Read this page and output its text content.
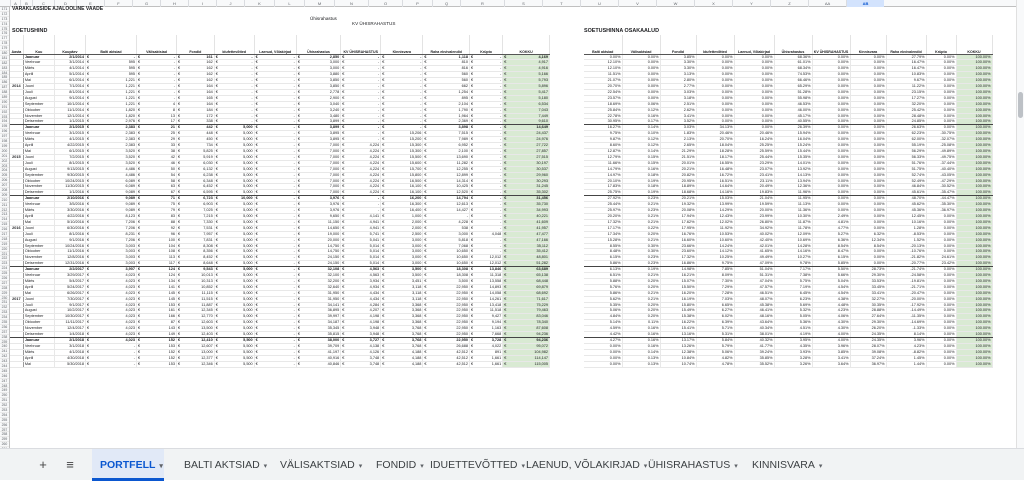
A	B	C	D	E	F	G	H	I	J	K	L	M	N	O	P	Q	R	S	T	U	V	W	X	Y	Z	AA	AB
171
172
173
174
175
176
177
178
179
180
181
182
183
184
185
186
187
188
189
190
191
192
193
194
195
196
197
198
199
200
201
202
203
204
205
206
207
208
209
210
211
212
213
214
215
216
217
218
219
220
221
222
223
224
225
226
227
228
229
230
231
232
233
234
235
236
237
238
239
240
241
242
243
244
245
246
247
248
249
250
251
252
253
254
255
256
257
258
259
260
VARAKLASSIDE AJALOOLINE VAADE
Ühisrahastus
KV ÜHISRAHASTUS
SOETUSHIND	SOETUSHINNA OSAKAALUD
Aasta	Kuu	Kuupäev	Balti aktsiad	Välisaktsiad	Fondid	Idufettevõtted	Laenud, Võlakirjad	Ühisrahastus	KV ÜHISRAHASTUS	Kinnisvara	Raha ekvivalendid	Krüpto	KOKKU
	Jaanuar	2/1/2014	€ -	€ -	€ 161	€ -	€ -	€ 2,850	€ -	€ -	€ 1,118	€ -	€ 4,169
	Veebruar	3/1/2014	€ 595	€ -	€ 162	€ -	€ -	€ 3,000	€ -	€ -	€ 810	€ -	€ 4,917
	Märts	4/1/2014	€ 595	€ -	€ 162	€ -	€ -	€ 3,000	€ -	€ -	€ 816	€ -	€ 4,916
	Aprill	5/1/2014	€ 595	€ -	€ 162	€ -	€ -	€ 3,880	€ -	€ -	€ 560	€ -	€ 5,166
	Mai	6/1/2014	€ 1,221	€ -	€ 162	€ -	€ -	€ 3,850	€ -	€ -	€ 560	€ -	€ 5,793
2014	Juuni	7/1/2014	€ 1,221	€ -	€ 164	€ -	€ -	€ 3,850	€ -	€ -	€ 662	€ -	€ 5,896
	Juuli	8/1/2014	€ 1,221	€ -	€ 164	€ -	€ -	€ 2,778	€ -	€ -	€ 1,254	€ -	€ 5,417
	August	9/1/2014	€ 1,221	€ -	€ 165	€ -	€ -	€ 2,900	€ -	€ -	€ 895	€ -	€ 5,180
	September	10/1/2014	€ 1,221	€ 4	€ 164	€ -	€ -	€ 3,040	€ -	€ -	€ 2,104	€ -	€ 6,534
	Oktoober	11/1/2014	€ 1,820	€ 8	€ 184	€ -	€ -	€ 3,240	€ -	€ -	€ 1,790	€ -	€ 7,043
	November	12/1/2014	€ 1,820	€ 13	€ 172	€ -	€ -	€ 3,480	€ -	€ -	€ 1,964	€ -	€ 7,449
	Detsember	1/1/2015	€ 2,976	€ 17	€ 338	€ -	€ -	€ 3,899	€ -	€ -	€ 2,369	€ -	€ 9,610
	Jaanuar	2/1/2015	€ 2,383	€ 21	€ 442	€ 5,000	€ -	€ 3,899	€ -	€ -	€ 3,898	€ -	€ 14,649
	Veebruar	3/1/2015	€ 2,383	€ 25	€ 448	€ 5,000	€ -	€ 3,895	€ -	€ 15,206	€ 7,515	€ -	€ 24,437
	Märts	4/1/2015	€ 2,383	€ 29	€ 450	€ 5,000	€ -	€ 3,895	€ -	€ 15,200	€ 7,989	€ -	€ 24,976
	Aprill	4/22/2015	€ 2,383	€ 33	€ 734	€ 5,000	€ -	€ 7,000	€ 4,224	€ 15,300	€ 6,952	€ -	€ 27,722
	Mai	6/1/2015	€ 3,520	€ 38	€ 5,825	€ 5,000	€ -	€ 7,000	€ 4,224	€ 15,300	€ 2,100	€ -	€ 27,857
2015	Juuni	7/2/2015	€ 3,520	€ 42	€ 5,919	€ 5,000	€ -	€ 7,000	€ 4,224	€ 15,500	€ 13,690	€ -	€ 27,515
	Juuli	8/1/2015	€ 3,520	€ 46	€ 6,030	€ 5,000	€ -	€ 7,000	€ 4,224	€ 15,600	€ 11,282	€ -	€ 30,197
	August	9/13/2015	€ 4,486	€ 50	€ 6,132	€ 5,000	€ -	€ 7,000	€ 4,224	€ 15,700	€ 12,255	€ -	€ 30,537
	September	9/30/2015	€ 4,486	€ 54	€ 6,238	€ 5,000	€ -	€ 7,000	€ 4,224	€ 15,800	€ 12,899	€ -	€ 29,960
	Oktoober	10/24/2015	€ 6,089	€ 58	€ 6,348	€ 5,000	€ -	€ 7,000	€ 4,224	€ 16,500	€ 14,314	€ -	€ 30,293
	November	11/30/2015	€ 6,089	€ 63	€ 6,452	€ 5,000	€ -	€ 7,000	€ 4,224	€ 16,100	€ 10,425	€ -	€ 31,245
	Detsember	1/1/2016	€ 9,089	€ 67	€ 6,595	€ 5,000	€ -	€ 7,000	€ 4,224	€ 16,100	€ 12,520	€ -	€ 35,302
	Jaanuar	2/10/2016	€ 9,089	€ 71	€ 6,723	€ 10,000	€ -	€ 3,976	€ -	€ 16,200	€ 14,794	€ -	€ 31,456
	Veebruar	3/5/2016	€ 9,089	€ 75	€ 6,903	€ 5,000	€ -	€ 3,976	€ -	€ 16,300	€ 12,613	€ -	€ 35,730
	Märts	3/30/2016	€ 9,089	€ 79	€ 7,025	€ 5,000	€ -	€ 3,976	€ -	€ 16,400	€ 14,427	€ -	€ 34,993
	Aprill	4/22/2016	€ 8,123	€ 83	€ 7,215	€ 5,000	€ -	€ 9,650	€ 4,141	€ 1,000	€ -	€ -	€ 40,221
	Mai	5/10/2016	€ 7,206	€ 88	€ 7,330	€ 5,000	€ -	€ 11,150	€ 4,941	€ 2,000	€ 4,228	€ -	€ 41,609
2016	Juuni	6/30/2016	€ 7,206	€ 92	€ 7,531	€ 5,000	€ -	€ 14,650	€ 4,941	€ 2,000	€ 538	€ -	€ 41,957
	Juuli	8/1/2016	€ 8,231	€ 96	€ 7,957	€ 5,000	€ -	€ 19,000	€ 5,741	€ 2,500	€ 3,000	€ 4,048	€ 47,477
	August	9/1/2016	€ 7,206	€ 100	€ 7,831	€ 5,000	€ -	€ 20,000	€ 5,041	€ 3,000	€ 5,818	€ -	€ 47,166
	September	10/24/2016	€ 3,003	€ 104	€ 8,308	€ 5,000	€ -	€ 14,750	€ 5,014	€ 3,000	€ 7,068	€ -	€ 35,112
	Oktoober	11/1/2016	€ 3,003	€ 108	€ 8,356	€ 5,000	€ -	€ 14,750	€ 5,014	€ 3,000	€ 10,650	€ -	€ 35,412
	November	12/8/2016	€ 3,003	€ 113	€ 8,452	€ 5,000	€ -	€ 24,150	€ 5,014	€ 3,000	€ 10,650	€ 12,012	€ 48,801
	Detsember	12/31/2016	€ 3,003	€ 117	€ 8,648	€ 5,000	€ -	€ 24,150	€ 5,014	€ 3,000	€ 10,650	€ 12,012	€ 51,282
	Jaanuar	2/2/2017	€ 3,907	€ 124	€ 9,543	€ 5,000	€ -	€ 32,108	€ 4,563	€ 3,500	€ 18,308	€ 13,846	€ 63,689
	Veebruar	3/29/2017	€ 4,023	€ 124	€ 10,013	€ 5,000	€ -	€ 32,100	€ 4,563	€ 3,500	€ 18,308	€ 11,318	€ 65,138
	Märts	5/4/2017	€ 4,023	€ 134	€ 10,313	€ 5,000	€ -	€ 32,200	€ 3,934	€ 3,451	€ 3,500	€ 13,558	€ 68,448
	Aprill	5/24/2017	€ 4,023	€ 141	€ 10,852	€ 5,000	€ -	€ 32,640	€ 4,934	€ 3,118	€ 22,950	€ 14,893	€ 69,879
	Mai	6/26/2017	€ 4,023	€ 145	€ 11,115	€ 5,000	€ -	€ 31,950	€ 4,434	€ 3,118	€ 22,950	€ 14,058	€ 68,692
2017	Juuni	7/30/2017	€ 4,023	€ 145	€ 11,515	€ 5,000	€ -	€ 31,950	€ 4,434	€ 3,118	€ 22,950	€ 14,261	€ 71,617
	Juuli	9/1/2017	€ 4,023	€ 153	€ 11,887	€ 5,000	€ -	€ 34,141	€ 4,284	€ 3,368	€ 22,950	€ 13,418	€ 75,229
	August	10/2/2017	€ 4,023	€ 161	€ 12,345	€ 5,000	€ -	€ 36,895	€ 4,207	€ 3,368	€ 22,950	€ 11,518	€ 79,463
	September	10/30/2017	€ 4,023	€ 166	€ 12,770	€ 5,000	€ -	€ 39,997	€ 4,198	€ 3,368	€ 22,950	€ 9,427	€ 83,046
	Oktoober	11/11/2017	€ 4,023	€ 87	€ 12,603	€ 5,000	€ -	€ 34,187	€ 4,198	€ 3,368	€ 22,950	€ 9,194	€ 78,340
	November	12/4/2017	€ 4,023	€ 143	€ 13,500	€ 5,000	€ -	€ 35,345	€ 3,948	€ 3,768	€ 22,950	€ 1,163	€ 87,608
	Detsember	1/4/2018	€ 4,023	€ 149	€ 12,403	€ 5,000	€ -	€ 35,815	€ 3,948	€ 3,768	€ 22,950	€ 7,668	€ 94,236
	Jaanuar	2/1/2018	€ 4,023	€ 152	€ 12,410	€ 5,500	€ -	€ 38,000	€ 3,727	€ 3,768	€ 22,950	€ 3,728	€ 94,236
	Veebruar	3/1/2018	€ -	€ 153	€ 12,607	€ 5,500	€ -	€ 39,709	€ 4,138	€ 3,768	€ 26,688	€ 4,022	€ 95,072
	Märts	4/1/2018	€ -	€ 152	€ 13,000	€ 5,500	€ -	€ 41,197	€ 4,126	€ 4,188	€ 42,512	€ 891	€ 104,982
	Aprill	4/30/2018	€ -	€ 152	€ 12,377	€ 5,500	€ -	€ 40,916	€ 3,748	€ 4,188	€ 42,512	€ 1,661	€ 114,147
	Mai	5/30/2018	€ -	€ 153	€ 12,346	€ 5,500	€ -	€ 40,846	€ 3,748	€ 4,188	€ 42,512	€ 1,661	€ 115,005
Balti aktsiad	Välisaktsiad	Fondid	Idufettevõtted	Laenud, Võlakirjad	Ühisrahastus	KV ÜHISRAHASTUS	Kinnisvara	Raha ekvivalendid	Krüpto	KOKKU
0.00%	0.00%	3.85%	0.00%	0.00%	68.36%	0.00%	0.00%	27.79%	0.00%	100.00%
12.10%	0.00%	3.30%	0.00%	0.00%	61.01%	0.00%	0.00%	16.47%	0.00%	100.00%
12.10%	0.00%	3.30%	0.00%	0.00%	68.34%	0.00%	0.00%	16.47%	0.00%	100.00%
11.51%	0.00%	3.13%	0.00%	0.00%	74.53%	0.00%	0.00%	10.83%	0.00%	100.00%
21.07%	0.00%	2.80%	0.00%	0.00%	66.46%	0.00%	0.00%	9.67%	0.00%	100.00%
20.70%	0.00%	2.77%	0.00%	0.00%	65.29%	0.00%	0.00%	11.22%	0.00%	100.00%
22.54%	0.00%	3.03%	0.00%	0.00%	51.28%	0.00%	0.00%	23.15%	0.00%	100.00%
23.57%	0.00%	3.18%	0.00%	0.00%	55.98%	0.00%	0.00%	17.27%	0.00%	100.00%
18.69%	0.06%	2.51%	0.00%	0.00%	46.53%	0.00%	0.00%	32.20%	0.00%	100.00%
25.84%	0.12%	2.62%	0.00%	0.00%	46.00%	0.00%	0.00%	25.42%	0.00%	100.00%
22.78%	0.16%	3.41%	0.00%	0.00%	45.17%	0.00%	0.00%	28.48%	0.00%	100.00%
30.95%	0.17%	3.52%	0.00%	0.00%	40.55%	0.00%	0.00%	24.85%	0.00%	100.00%
16.27%	0.14%	3.03%	34.13%	0.00%	26.39%	0.00%	0.00%	26.63%	0.00%	100.00%
9.75%	0.10%	1.83%	20.46%	20.46%	15.94%	0.00%	0.00%	62.23%	-30.75%	100.00%
9.87%	0.12%	2.13%	20.70%	16.24%	16.04%	0.00%	0.00%	62.00%	-32.07%	100.00%
8.60%	0.12%	2.65%	18.04%	25.25%	15.24%	0.00%	0.00%	55.19%	-25.08%	100.00%
12.87%	0.14%	21.29%	18.28%	25.59%	15.44%	0.00%	0.00%	56.29%	-49.89%	100.00%
12.79%	0.15%	21.51%	18.17%	25.44%	15.35%	0.00%	0.00%	56.33%	-49.75%	100.00%
11.66%	0.15%	20.01%	16.55%	23.29%	14.01%	0.00%	0.00%	51.76%	-37.44%	100.00%
14.79%	0.16%	20.21%	16.48%	23.07%	13.92%	0.00%	0.00%	51.75%	-40.40%	100.00%
14.97%	0.18%	20.82%	16.72%	23.41%	14.13%	0.00%	0.00%	52.74%	-43.05%	100.00%
20.10%	0.19%	20.95%	16.51%	23.11%	13.94%	0.00%	0.00%	52.49%	-47.29%	100.00%
17.83%	0.18%	18.89%	14.64%	20.49%	12.36%	0.00%	0.00%	46.84%	-30.52%	100.00%
25.75%	0.19%	18.68%	14.16%	19.83%	11.96%	0.00%	0.00%	45.61%	-35.47%	100.00%
27.92%	0.23%	20.21%	15.03%	21.04%	11.95%	0.00%	0.00%	48.70%	-44.47%	100.00%
25.44%	0.21%	19.32%	13.99%	19.59%	11.13%	0.00%	0.00%	45.62%	-35.30%	100.00%
25.97%	0.23%	20.08%	14.29%	20.00%	11.36%	0.00%	0.00%	45.36%	-36.97%	100.00%
20.20%	0.21%	17.94%	12.43%	23.99%	10.30%	2.49%	0.00%	12.45%	0.00%	100.00%
17.32%	0.21%	17.62%	12.02%	26.80%	11.87%	4.81%	0.00%	10.16%	0.00%	100.00%
17.17%	0.22%	17.95%	11.92%	34.92%	11.78%	4.77%	0.00%	1.28%	0.00%	100.00%
17.34%	0.20%	16.76%	10.53%	40.02%	12.09%	5.27%	6.32%	-8.53%	0.00%	100.00%
15.28%	0.21%	16.60%	10.60%	42.40%	10.69%	6.36%	12.34%	1.52%	0.00%	100.00%
8.55%	0.30%	23.66%	14.24%	42.01%	14.28%	8.54%	8.54%	-20.13%	0.00%	100.00%
8.48%	0.30%	23.60%	14.12%	41.65%	14.16%	8.47%	0.00%	-10.76%	0.00%	100.00%
6.15%	0.23%	17.32%	10.25%	49.49%	10.27%	6.15%	0.00%	-21.82%	24.61%	100.00%
5.86%	0.23%	16.86%	9.75%	47.09%	9.78%	5.85%	0.00%	-20.77%	23.42%	100.00%
6.13%	0.19%	14.98%	7.85%	51.04%	7.17%	5.50%	28.73%	-21.74%	0.00%	100.00%
6.51%	0.21%	16.21%	8.09%	51.31%	7.38%	5.66%	29.30%	-24.58%	0.00%	100.00%
5.88%	0.20%	15.07%	7.30%	47.04%	5.75%	5.04%	33.53%	-19.81%	0.00%	100.00%
5.76%	0.20%	15.50%	7.29%	47.57%	7.19%	4.54%	33.45%	-21.71%	0.00%	100.00%
5.86%	0.21%	16.20%	7.28%	46.51%	6.45%	4.54%	33.41%	-20.47%	0.00%	100.00%
5.62%	0.21%	16.19%	7.03%	48.07%	6.23%	4.38%	32.27%	-20.00%	0.00%	100.00%
5.35%	0.20%	15.80%	6.65%	45.38%	5.69%	4.48%	30.35%	-17.92%	0.00%	100.00%
5.06%	0.20%	15.49%	6.27%	46.41%	5.32%	4.23%	28.88%	-14.49%	0.00%	100.00%
4.84%	0.20%	15.38%	6.02%	48.16%	5.05%	4.06%	27.64%	-11.35%	0.00%	100.00%
5.14%	0.11%	16.22%	6.39%	43.64%	5.36%	4.30%	29.30%	-14.69%	0.00%	100.00%
4.59%	0.16%	15.41%	5.71%	40.34%	4.51%	4.30%	26.20%	-1.33%	0.00%	100.00%
4.42%	0.16%	13.16%	5.31%	38.01%	4.19%	4.00%	24.35%	8.14%	0.00%	100.00%
4.27%	0.16%	13.17%	5.84%	40.32%	3.95%	4.00%	24.35%	3.96%	0.00%	100.00%
0.00%	0.16%	13.26%	5.79%	41.77%	4.35%	3.96%	28.07%	4.23%	0.00%	100.00%
0.00%	0.14%	12.38%	5.06%	39.24%	3.93%	3.85%	39.08%	-8.82%	0.00%	100.00%
0.00%	0.13%	10.84%	4.82%	35.85%	3.28%	3.41%	37.24%	1.45%	0.00%	100.00%
0.00%	0.13%	10.74%	4.78%	35.52%	3.26%	3.64%	36.97%	1.44%	0.00%	100.00%
+	≡	PORTFELL ▾	BALTI AKTSIAD ▾	VÄLISAKTSIAD ▾	FONDID ▾ IDUETTEVÕTTED ▾ LAENUD, VÕLAKIRJAD ▾ ÜHISRAHASTUS ▾	KINNISVARA ▾
